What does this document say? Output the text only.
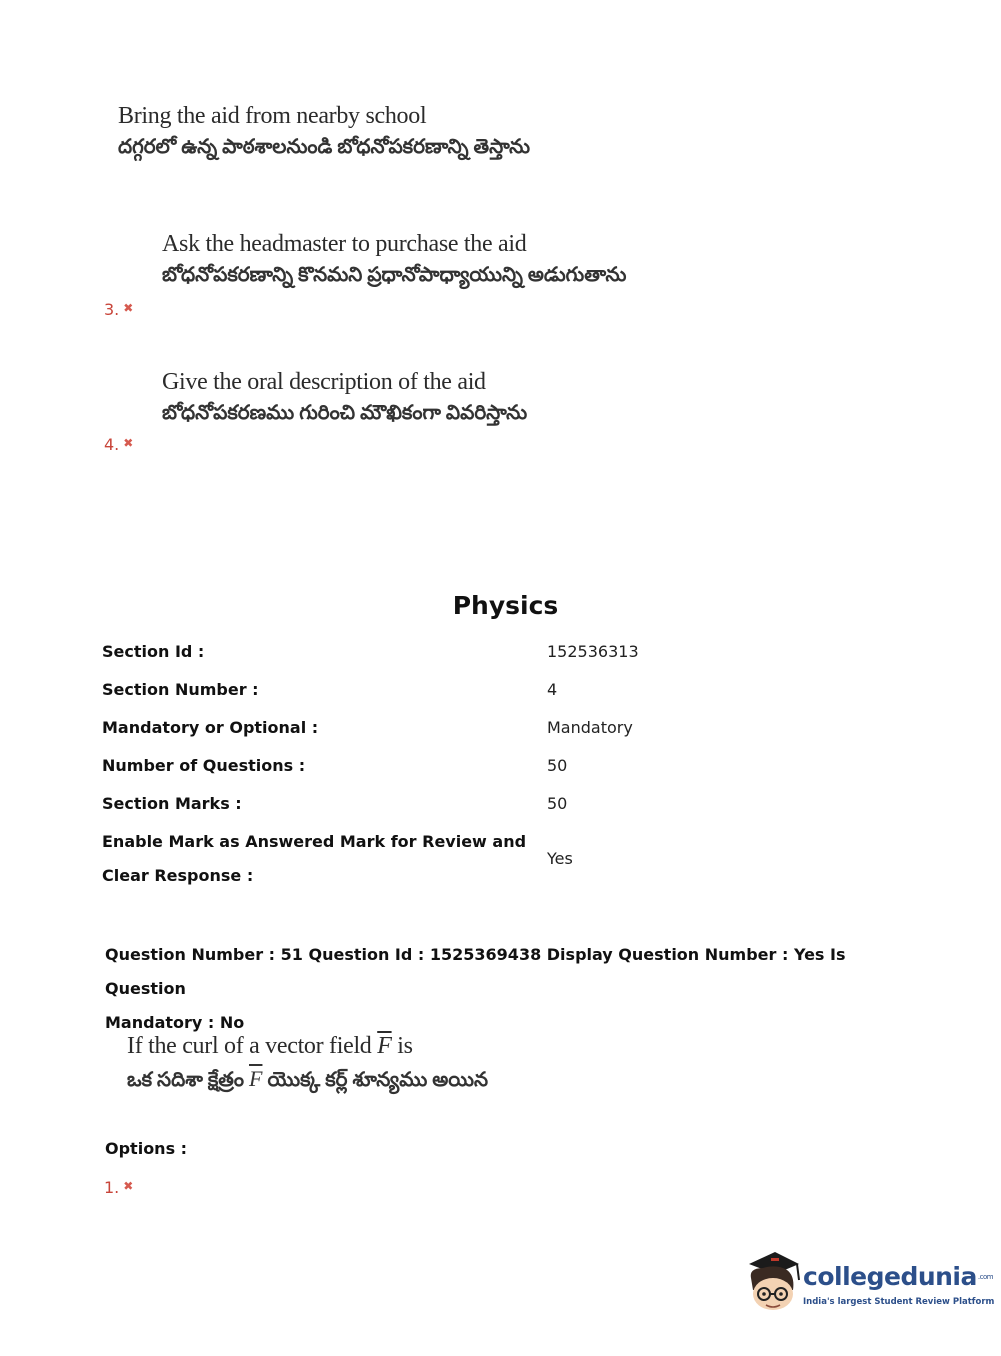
Bring the aid from nearby school
దగ్గరలో ఉన్న పాఠశాలనుండి బోధనోపకరణాన్ని తెస్తాను
Ask the headmaster to purchase the aid
బోధనోపకరణాన్ని కొనమని ప్రధానోపాధ్యాయున్ని అడుగుతాను
3. ✖
Give the oral description of the aid
బోధనోపకరణము గురించి మౌఖికంగా వివరిస్తాను
4. ✖
Physics
Section Id :	152536313
Section Number :	4
Mandatory or Optional :	Mandatory
Number of Questions :	50
Section Marks :	50
Enable Mark as Answered Mark for Review and
Clear Response :
Yes
Question Number : 51 Question Id : 1525369438 Display Question Number : Yes Is Question
Mandatory : No
If the curl of a vector field $\overline{F}$ is
ఒక సదిశా క్షేత్రం $\overline{F}$ యొక్క కర్ల్ శూన్యము అయిన
Options :
1. ✖
collegedunia$^{.com}$
India's largest Student Review Platform
